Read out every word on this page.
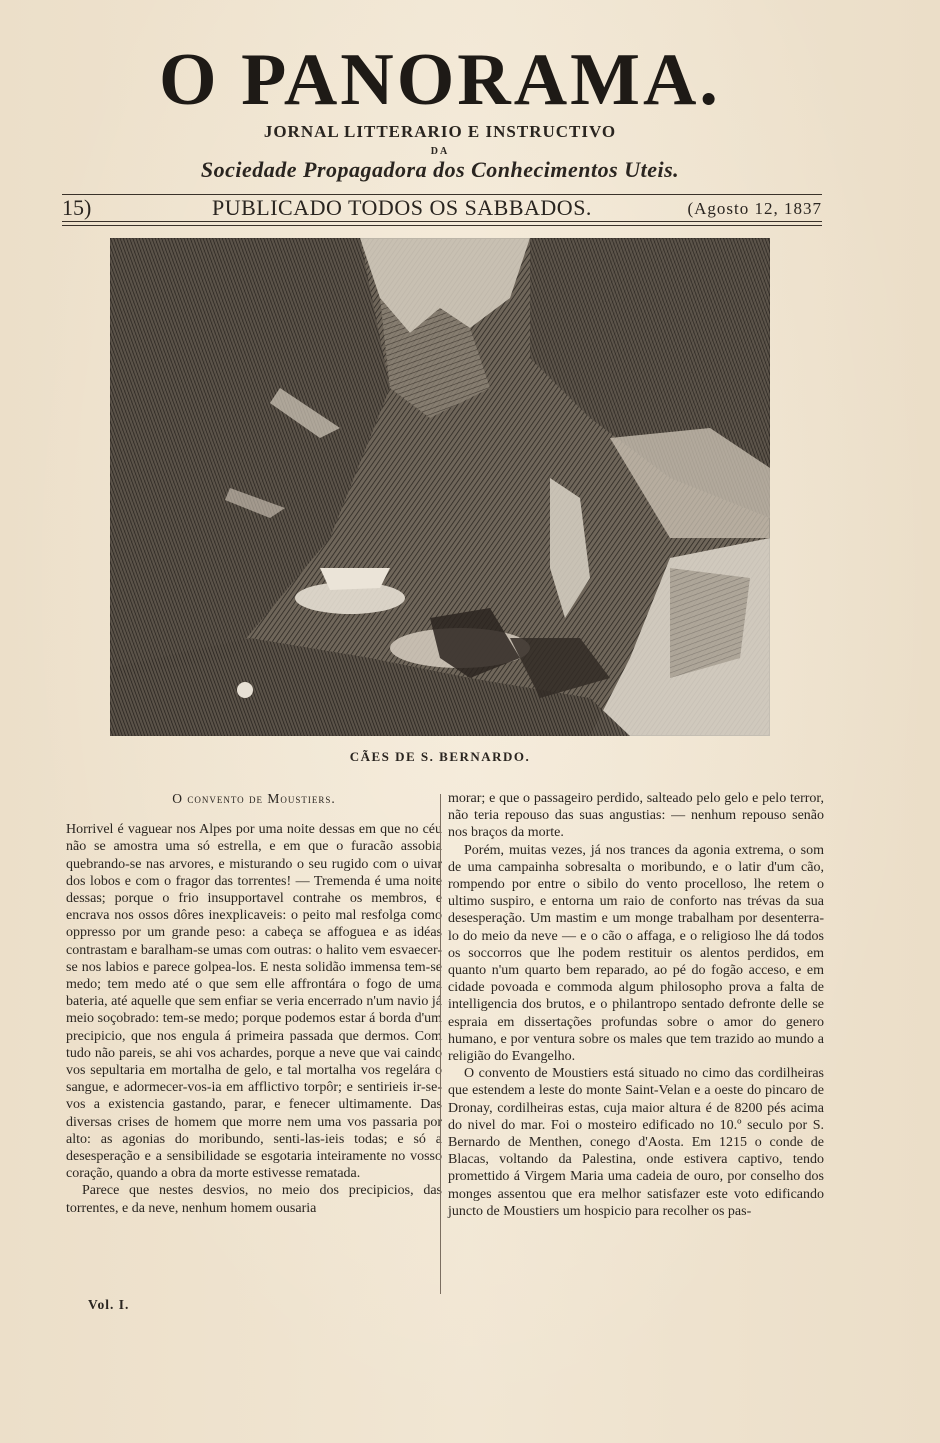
O PANORAMA.
JORNAL LITTERARIO E INSTRUCTIVO
DA
Sociedade Propagadora dos Conhecimentos Uteis.
15)	PUBLICADO TODOS OS SABBADOS.	(Agosto 12, 1837
CÃES DE S. BERNARDO.
O convento de Moustiers.

Horrivel é vaguear nos Alpes por uma noite dessas em que no céu não se amostra uma só estrella, e em que o furacão assobia quebrando-se nas arvores, e misturando o seu rugido com o uivar dos lobos e com o fragor das torrentes! — Tremenda é uma noite dessas; porque o frio insupportavel contrahe os membros, e encrava nos ossos dôres inexplicaveis: o peito mal resfolga como oppresso por um grande peso: a cabeça se affoguea e as idéas contrastam e baralham-se umas com outras: o halito vem esvaecer-se nos labios e parece golpea-los. E nesta solidão immensa tem-se medo; tem medo até o que sem elle affrontára o fogo de uma bateria, até aquelle que sem enfiar se veria encerrado n'um navio já meio soçobrado: tem-se medo; porque podemos estar á borda d'um precipicio, que nos engula á primeira passada que dermos. Com tudo não pareis, se ahi vos achardes, porque a neve que vai caindo vos sepultaria em mortalha de gelo, e tal mortalha vos regelára o sangue, e adormecer-vos-ia em afflictivo torpôr; e sentirieis ir-se-vos a existencia gastando, parar, e fenecer ultimamente. Das diversas crises de homem que morre nem uma vos passaria por alto: as agonias do moribundo, senti-las-ieis todas; e só a desesperação e a sensibilidade se esgotaria inteiramente no vosso coração, quando a obra da morte estivesse rematada.

Parece que nestes desvios, no meio dos precipicios, das torrentes, e da neve, nenhum homem ousaria

morar; e que o passageiro perdido, salteado pelo gelo e pelo terror, não teria repouso das suas angustias: — nenhum repouso senão nos braços da morte.

Porém, muitas vezes, já nos trances da agonia extrema, o som de uma campainha sobresalta o moribundo, e o latir d'um cão, rompendo por entre o sibilo do vento procelloso, lhe retem o ultimo suspiro, e entorna um raio de conforto nas trévas da sua desesperação. Um mastim e um monge trabalham por desenterra-lo do meio da neve — e o cão o affaga, e o religioso lhe dá todos os soccorros que lhe podem restituir os alentos perdidos, em quanto n'um quarto bem reparado, ao pé do fogão acceso, e em cidade povoada e commoda algum philosopho prova a falta de intelligencia dos brutos, e o philantropo sentado defronte delle se espraia em dissertações profundas sobre o amor do genero humano, e por ventura sobre os males que tem trazido ao mundo a religião do Evangelho.

O convento de Moustiers está situado no cimo das cordilheiras que estendem a leste do monte Saint-Velan e a oeste do pincaro de Dronay, cordilheiras estas, cuja maior altura é de 8200 pés acima do nivel do mar. Foi o mosteiro edificado no 10.º seculo por S. Bernardo de Menthen, conego d'Aosta. Em 1215 o conde de Blacas, voltando da Palestina, onde estivera captivo, tendo promettido á Virgem Maria uma cadeia de ouro, por conselho dos monges assentou que era melhor satisfazer este voto edificando juncto de Moustiers um hospicio para recolher os pas-

Vol. I.
